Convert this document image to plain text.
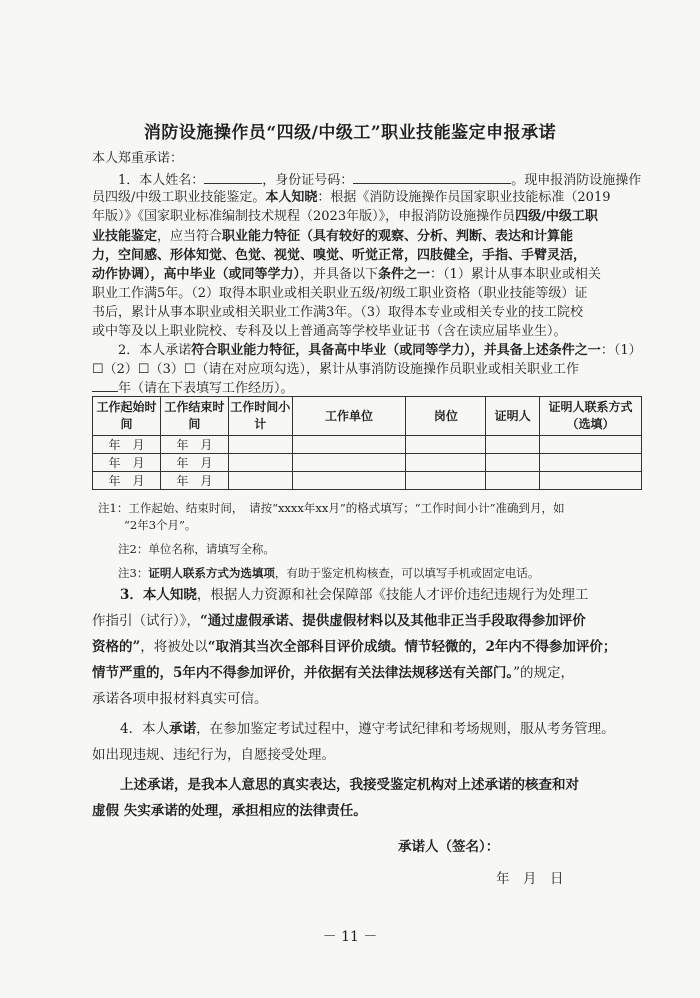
消防设施操作员“四级/中级工”职业技能鉴定申报承诺
本人郑重承诺：
1．本人姓名：	，身份证号码：	。现申报消防设施操作
员四级/中级工职业技能鉴定。本人知晓：根据《消防设施操作员国家职业技能标准（2019
年版）》《国家职业标准编制技术规程（2023年版）》，申报消防设施操作员四级/中级工职
业技能鉴定，应当符合职业能力特征（具有较好的观察、分析、判断、表达和计算能
力，空间感、形体知觉、色觉、视觉、嗅觉、听觉正常，四肢健全，手指、手臂灵活，
动作协调），高中毕业（或同等学力），并具备以下条件之一：（1）累计从事本职业或相关
职业工作满5年。（2）取得本职业或相关职业五级/初级工职业资格（职业技能等级）证
书后，累计从事本职业或相关职业工作满3年。（3）取得本专业或相关专业的技工院校
或中等及以上职业院校、专科及以上普通高等学校毕业证书（含在读应届毕业生）。
2．本人承诺符合职业能力特征，具备高中毕业（或同等学力），并具备上述条件之一：（1）
☐（2）☐（3）☐（请在对应项勾选），累计从事消防设施操作员职业或相关职业工作
年（请在下表填写工作经历）。
工作起始时间	工作结束时间	工作时间小计	工作单位	岗位	证明人	证明人联系方式（选填）
年　月	年　月					
年　月	年　月					
年　月	年　月					
注1：工作起始、结束时间，　请按“xxxx年xx月”的格式填写；“工作时间小计”准确到月，如
“2年3个月”。
注2：单位名称，请填写全称。
注3：证明人联系方式为选填项，有助于鉴定机构核查，可以填写手机或固定电话。
3．本人知晓，根据人力资源和社会保障部《技能人才评价违纪违规行为处理工
作指引（试行）》，“通过虚假承诺、提供虚假材料以及其他非正当手段取得参加评价
资格的”，将被处以“取消其当次全部科目评价成绩。情节轻微的，2年内不得参加评价；
情节严重的，5年内不得参加评价，并依据有关法律法规移送有关部门。”的规定，
承诺各项申报材料真实可信。
4．本人承诺，在参加鉴定考试过程中，遵守考试纪律和考场规则，服从考务管理。
如出现违规、违纪行为，自愿接受处理。
上述承诺，是我本人意思的真实表达，我接受鉴定机构对上述承诺的核查和对
虚假 失实承诺的处理，承担相应的法律责任。
承诺人（签名）：
年　月　日
－ 11 －
